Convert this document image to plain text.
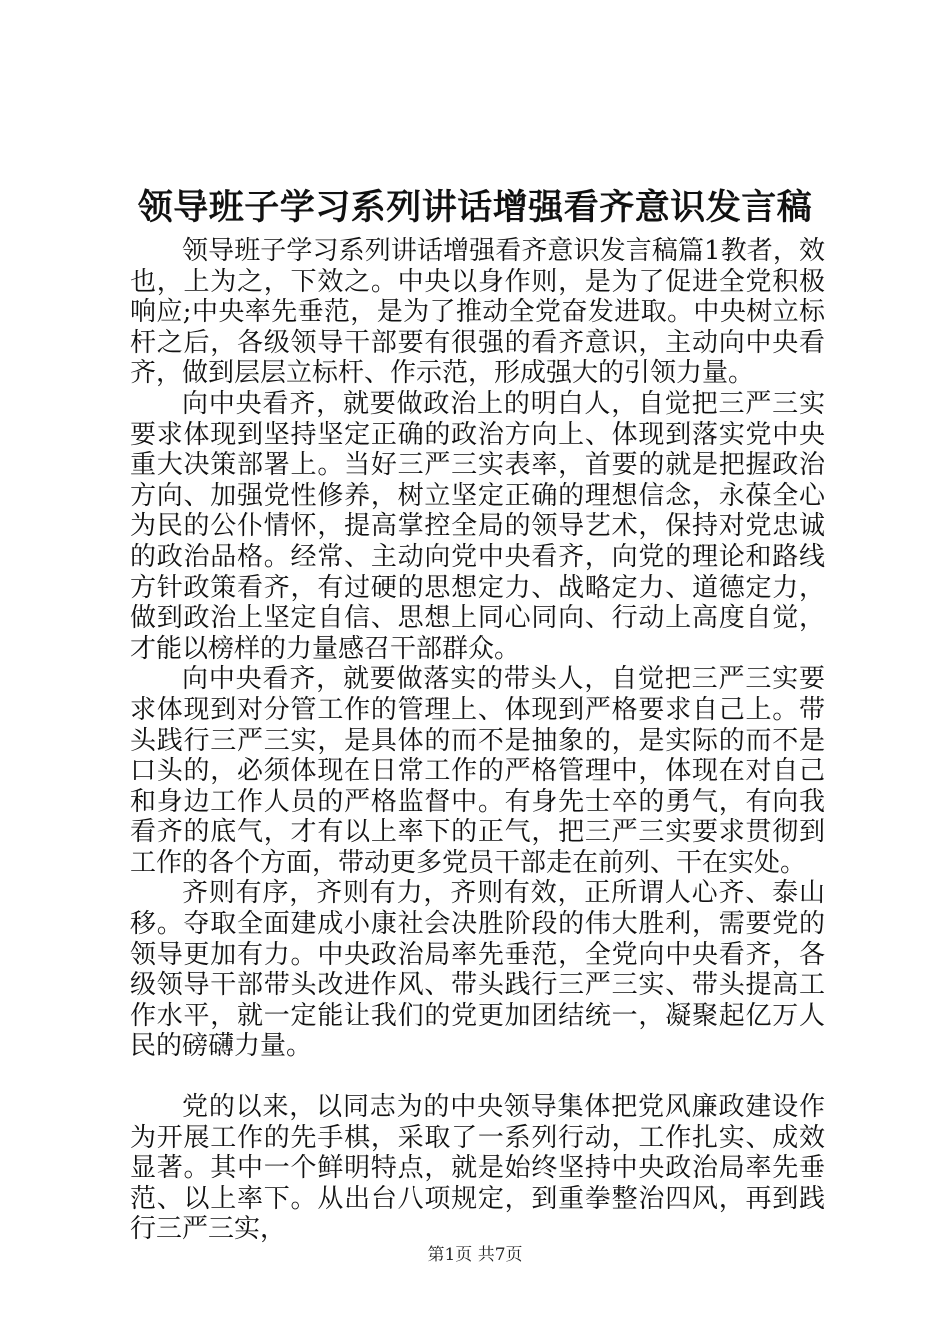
领导班子学习系列讲话增强看齐意识发言稿

领导班子学习系列讲话增强看齐意识发言稿篇1教者，效也，上为之，下效之。中央以身作则，是为了促进全党积极响应;中央率先垂范，是为了推动全党奋发进取。中央树立标杆之后，各级领导干部要有很强的看齐意识，主动向中央看齐，做到层层立标杆、作示范，形成强大的引领力量。

向中央看齐，就要做政治上的明白人，自觉把三严三实要求体现到坚持坚定正确的政治方向上、体现到落实党中央重大决策部署上。当好三严三实表率，首要的就是把握政治方向、加强党性修养，树立坚定正确的理想信念，永葆全心为民的公仆情怀，提高掌控全局的领导艺术，保持对党忠诚的政治品格。经常、主动向党中央看齐，向党的理论和路线方针政策看齐，有过硬的思想定力、战略定力、道德定力，做到政治上坚定自信、思想上同心同向、行动上高度自觉，才能以榜样的力量感召干部群众。

向中央看齐，就要做落实的带头人，自觉把三严三实要求体现到对分管工作的管理上、体现到严格要求自己上。带头践行三严三实，是具体的而不是抽象的，是实际的而不是口头的，必须体现在日常工作的严格管理中，体现在对自己和身边工作人员的严格监督中。有身先士卒的勇气，有向我看齐的底气，才有以上率下的正气，把三严三实要求贯彻到工作的各个方面，带动更多党员干部走在前列、干在实处。

齐则有序，齐则有力，齐则有效，正所谓人心齐、泰山移。夺取全面建成小康社会决胜阶段的伟大胜利，需要党的领导更加有力。中央政治局率先垂范，全党向中央看齐，各级领导干部带头改进作风、带头践行三严三实、带头提高工作水平，就一定能让我们的党更加团结统一，凝聚起亿万人民的磅礴力量。

党的以来，以同志为的中央领导集体把党风廉政建设作为开展工作的先手棋，采取了一系列行动，工作扎实、成效显著。其中一个鲜明特点，就是始终坚持中央政治局率先垂范、以上率下。从出台八项规定，到重拳整治四风，再到践行三严三实，

第1页 共7页
